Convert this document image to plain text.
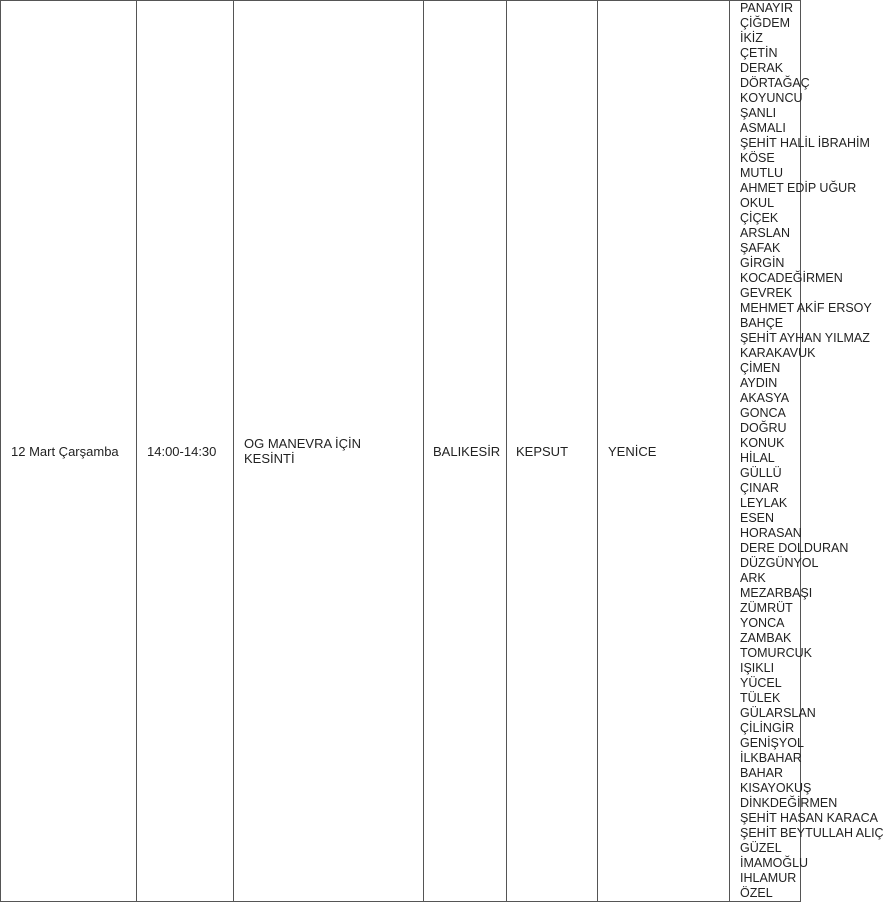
12 Mart Çarşamba	14:00-14:30	OG MANEVRA İÇİN KESİNTİ	BALIKESİR	KEPSUT	YENİCE	
PANAYIR
ÇİĞDEM
İKİZ
ÇETİN
DERAK
DÖRTAĞAÇ
KOYUNCU
ŞANLI
ASMALI
ŞEHİT HALİL İBRAHİM KÖSE
MUTLU
AHMET EDİP UĞUR
OKUL
ÇİÇEK
ARSLAN
ŞAFAK
GİRGİN
KOCADEĞİRMEN
GEVREK
MEHMET AKİF ERSOY
BAHÇE
ŞEHİT AYHAN YILMAZ
KARAKAVUK
ÇİMEN
AYDIN
AKASYA
GONCA
DOĞRU
KONUK
HİLAL
GÜLLÜ
ÇINAR
LEYLAK
ESEN
HORASAN
DERE DOLDURAN
DÜZGÜNYOL
ARK
MEZARBAŞI
ZÜMRÜT
YONCA
ZAMBAK
TOMURCUK
IŞIKLI
YÜCEL
TÜLEK
GÜLARSLAN
ÇİLİNGİR
GENİŞYOL
İLKBAHAR
BAHAR
KISAYOKUŞ
DİNKDEĞİRMEN
ŞEHİT HASAN KARACA
ŞEHİT BEYTULLAH ALIÇ
GÜZEL
İMAMOĞLU
IHLAMUR
ÖZEL
